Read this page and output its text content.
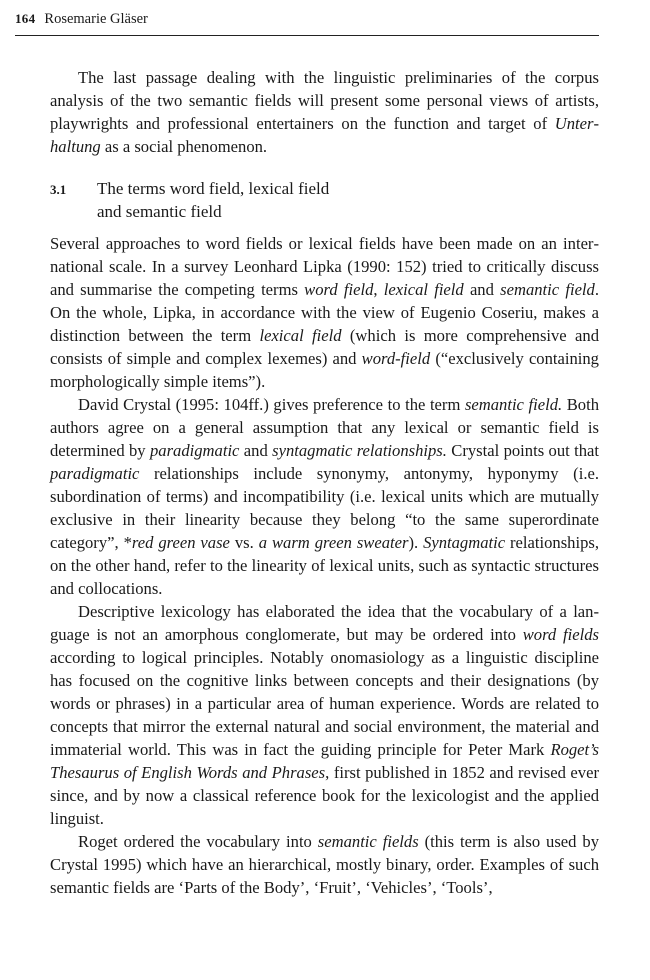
164 Rosemarie Gläser

The last passage dealing with the linguistic preliminaries of the corpus analysis of the two semantic fields will present some personal views of artists, playwrights and professional entertainers on the function and target of Unterhaltung as a social phenomenon.

3.1	The terms word field, lexical field and semantic field

Several approaches to word fields or lexical fields have been made on an international scale. In a survey Leonhard Lipka (1990: 152) tried to critically discuss and summarise the competing terms word field, lexical field and semantic field. On the whole, Lipka, in accordance with the view of Eugenio Coseriu, makes a distinction between the term lexical field (which is more comprehensive and consists of simple and complex lexemes) and word-field (“exclusively containing morphologically simple items”).

David Crystal (1995: 104ff.) gives preference to the term semantic field. Both authors agree on a general assumption that any lexical or semantic field is determined by paradigmatic and syntagmatic relationships. Crystal points out that paradigmatic relationships include synonymy, antonymy, hyponymy (i.e. subordination of terms) and incompatibility (i.e. lexical units which are mutually exclusive in their linearity because they belong “to the same superordinate category”, *red green vase vs. a warm green sweater). Syntagmatic relationships, on the other hand, refer to the linearity of lexical units, such as syntactic structures and collocations.

Descriptive lexicology has elaborated the idea that the vocabulary of a language is not an amorphous conglomerate, but may be ordered into word fields according to logical principles. Notably onomasiology as a linguistic discipline has focused on the cognitive links between concepts and their designations (by words or phrases) in a particular area of human experience. Words are related to concepts that mirror the external natural and social environment, the material and immaterial world. This was in fact the guiding principle for Peter Mark Roget’s Thesaurus of English Words and Phrases, first published in 1852 and revised ever since, and by now a classical reference book for the lexicologist and the applied linguist.

Roget ordered the vocabulary into semantic fields (this term is also used by Crystal 1995) which have an hierarchical, mostly binary, order. Examples of such semantic fields are ‘Parts of the Body’, ‘Fruit’, ‘Vehicles’, ‘Tools’,
